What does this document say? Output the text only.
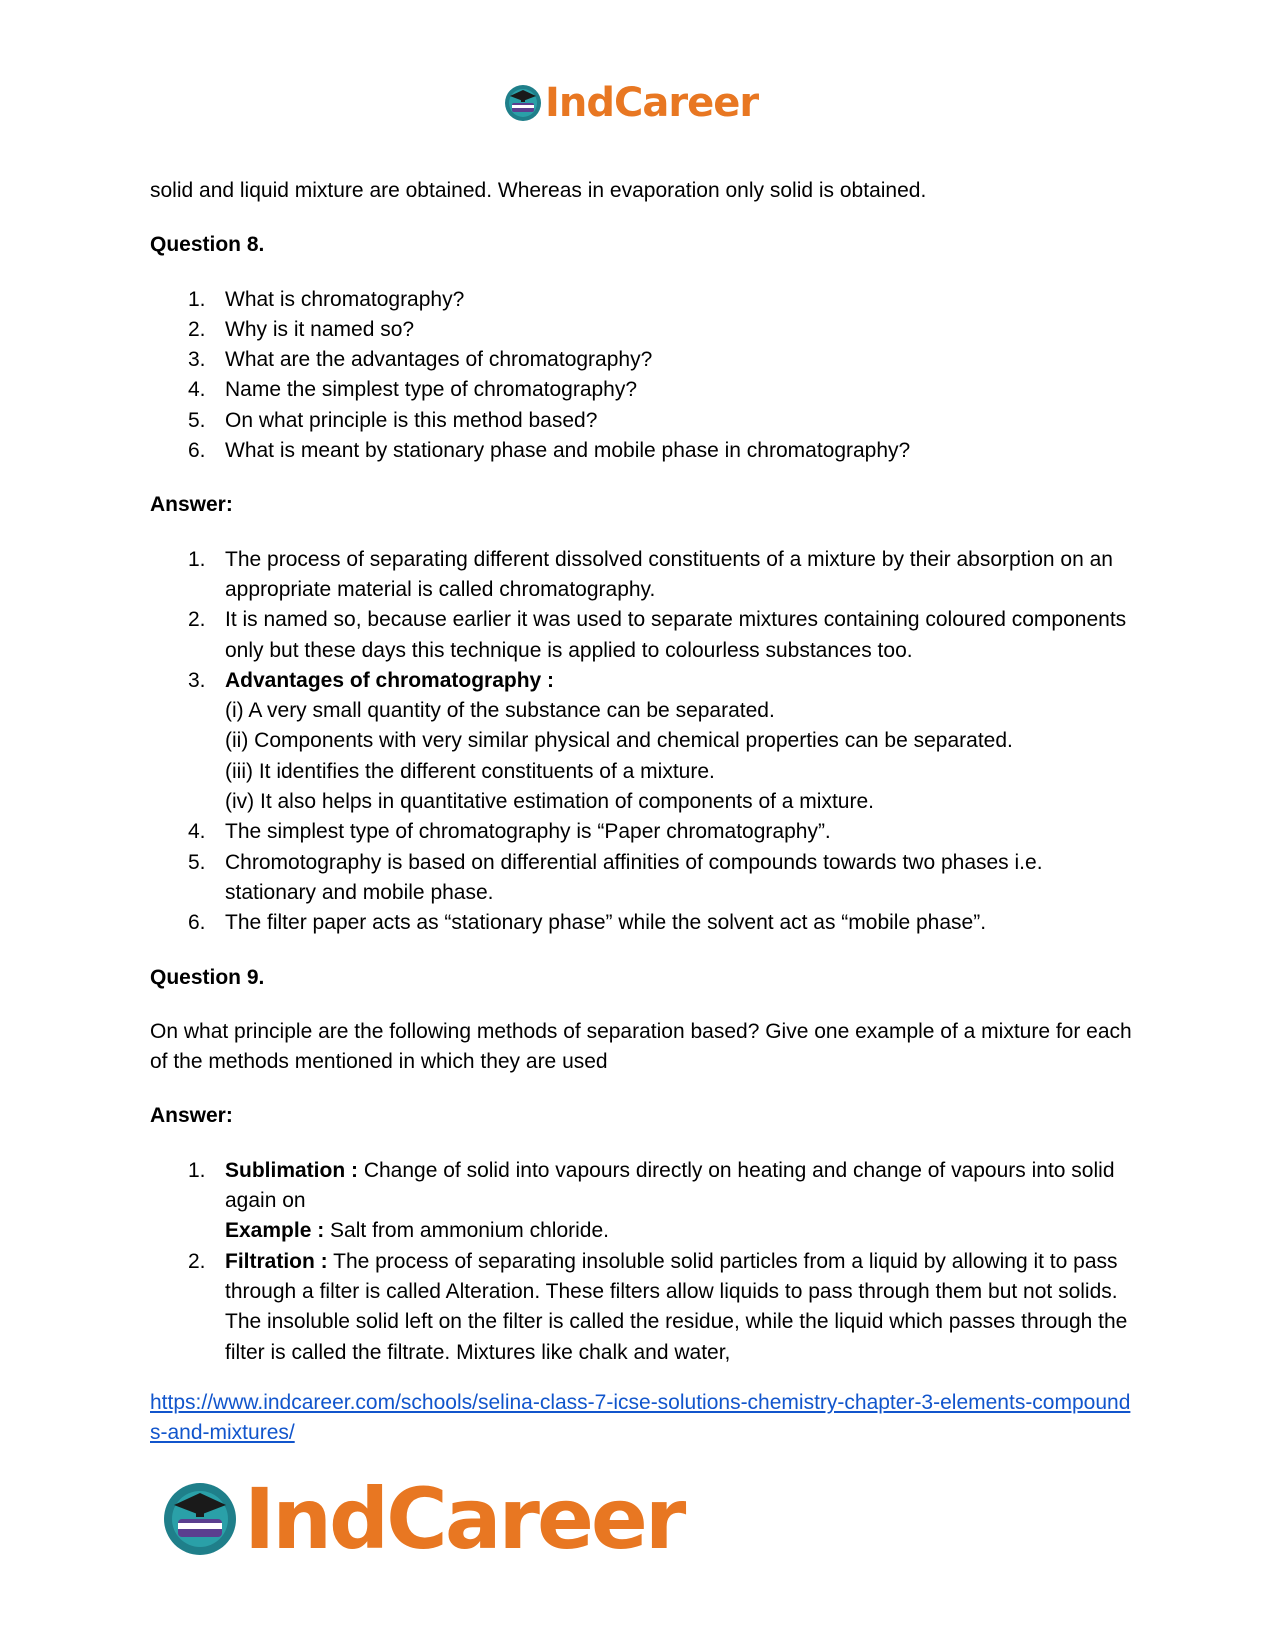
IndCareer

solid and liquid mixture are obtained. Whereas in evaporation only solid is obtained.

Question 8.

1. What is chromatography?
2. Why is it named so?
3. What are the advantages of chromatography?
4. Name the simplest type of chromatography?
5. On what principle is this method based?
6. What is meant by stationary phase and mobile phase in chromatography?

Answer:

1. The process of separating different dissolved constituents of a mixture by their absorption on an appropriate material is called chromatography.
2. It is named so, because earlier it was used to separate mixtures containing coloured components only but these days this technique is applied to colourless substances too.
3. Advantages of chromatography :
(i) A very small quantity of the substance can be separated.
(ii) Components with very similar physical and chemical properties can be separated.
(iii) It identifies the different constituents of a mixture.
(iv) It also helps in quantitative estimation of components of a mixture.
4. The simplest type of chromatography is “Paper chromatography”.
5. Chromotography is based on differential affinities of compounds towards two phases i.e. stationary and mobile phase.
6. The filter paper acts as “stationary phase” while the solvent act as “mobile phase”.

Question 9.

On what principle are the following methods of separation based? Give one example of a mixture for each of the methods mentioned in which they are used

Answer:

1. Sublimation : Change of solid into vapours directly on heating and change of vapours into solid again on
Example : Salt from ammonium chloride.
2. Filtration : The process of separating insoluble solid particles from a liquid by allowing it to pass through a filter is called Alteration. These filters allow liquids to pass through them but not solids. The insoluble solid left on the filter is called the residue, while the liquid which passes through the filter is called the filtrate. Mixtures like chalk and water,

https://www.indcareer.com/schools/selina-class-7-icse-solutions-chemistry-chapter-3-elements-compounds-and-mixtures/

IndCareer
